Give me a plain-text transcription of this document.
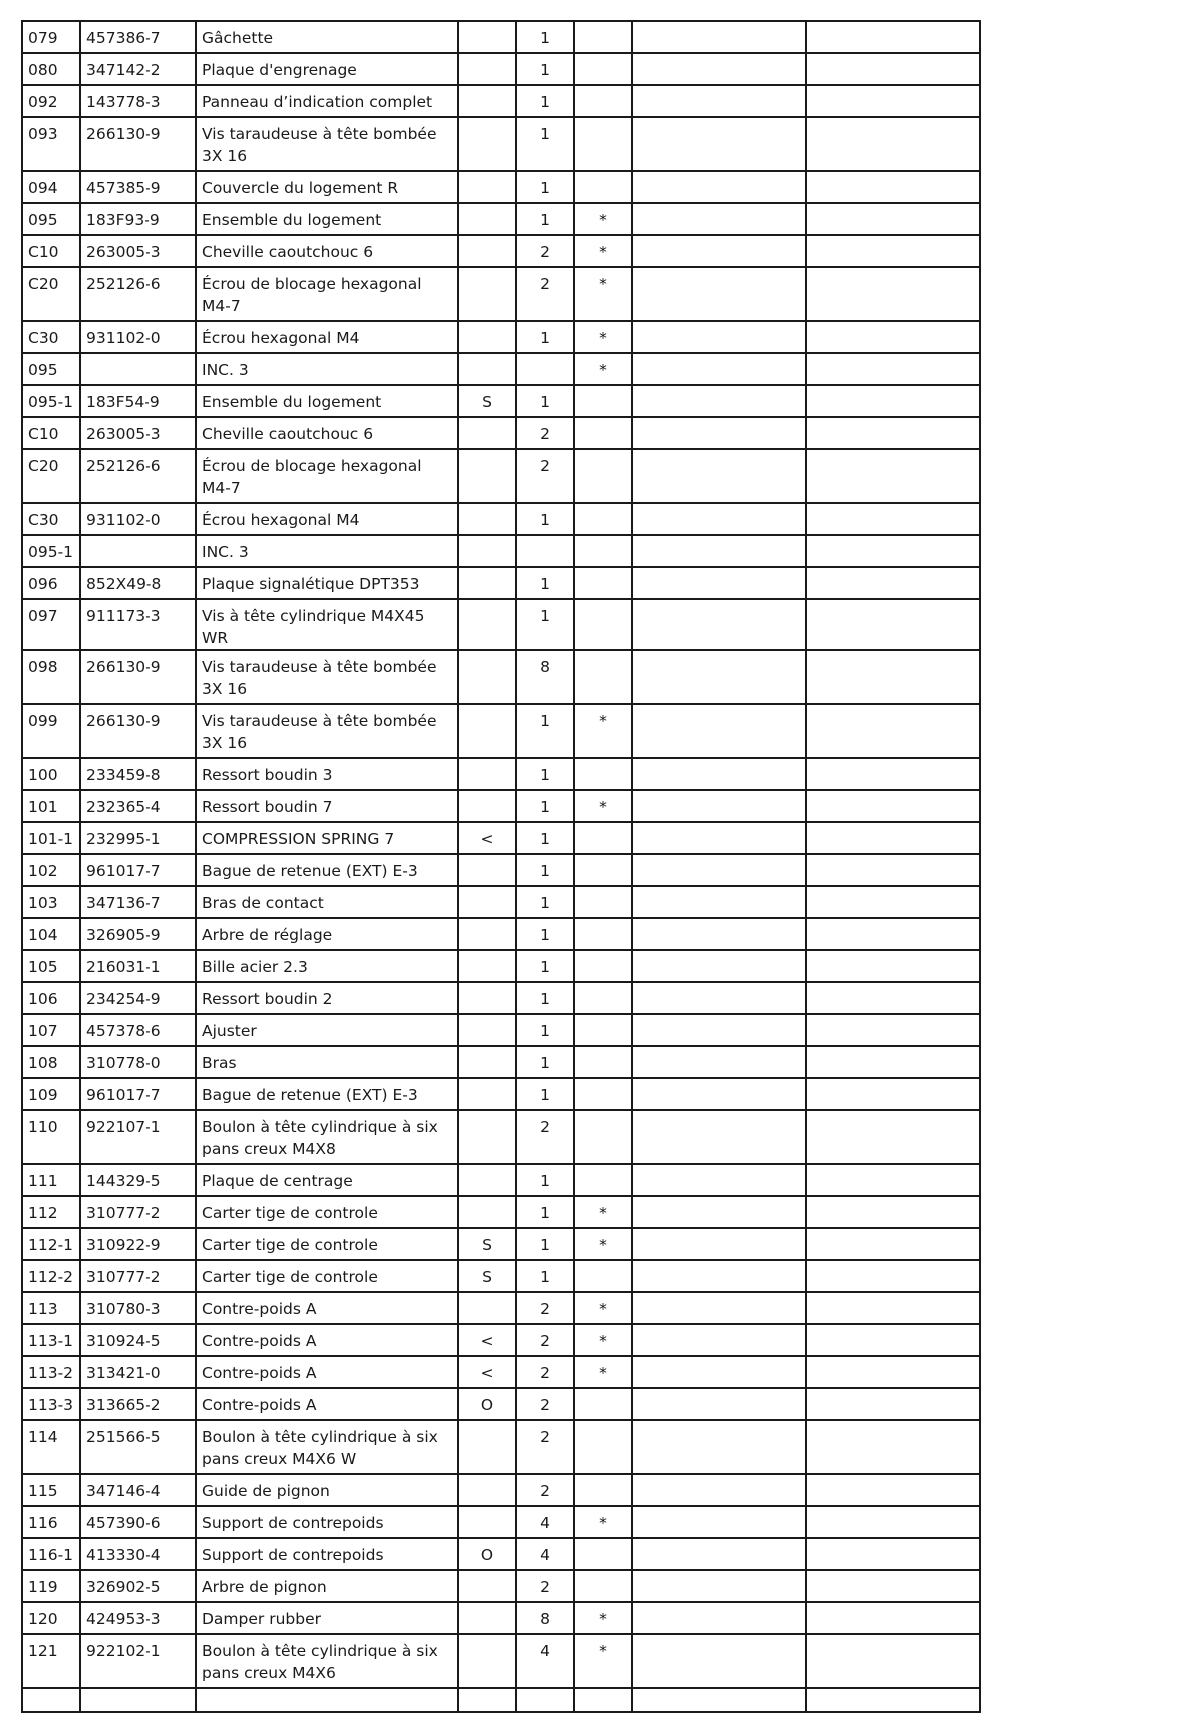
079	457386-7	Gâchette		1			
080	347142-2	Plaque d'engrenage		1			
092	143778-3	Panneau d’indication complet		1			
093	266130-9	Vis taraudeuse à tête bombée 3X 16		1			
094	457385-9	Couvercle du logement R		1			
095	183F93-9	Ensemble du logement		1	*		
C10	263005-3	Cheville caoutchouc 6		2	*		
C20	252126-6	Écrou de blocage hexagonal M4-7		2	*		
C30	931102-0	Écrou hexagonal M4		1	*		
095		INC. 3			*		
095-1	183F54-9	Ensemble du logement	S	1			
C10	263005-3	Cheville caoutchouc 6		2			
C20	252126-6	Écrou de blocage hexagonal M4-7		2			
C30	931102-0	Écrou hexagonal M4		1			
095-1		INC. 3					
096	852X49-8	Plaque signalétique DPT353		1			
097	911173-3	Vis à tête cylindrique M4X45 WR		1			
098	266130-9	Vis taraudeuse à tête bombée 3X 16		8			
099	266130-9	Vis taraudeuse à tête bombée 3X 16		1	*		
100	233459-8	Ressort boudin 3		1			
101	232365-4	Ressort boudin 7		1	*		
101-1	232995-1	COMPRESSION SPRING 7	<	1			
102	961017-7	Bague de retenue (EXT) E-3		1			
103	347136-7	Bras de contact		1			
104	326905-9	Arbre de réglage		1			
105	216031-1	Bille acier 2.3		1			
106	234254-9	Ressort boudin 2		1			
107	457378-6	Ajuster		1			
108	310778-0	Bras		1			
109	961017-7	Bague de retenue (EXT) E-3		1			
110	922107-1	Boulon à tête cylindrique à six pans creux M4X8		2			
111	144329-5	Plaque de centrage		1			
112	310777-2	Carter tige de controle		1	*		
112-1	310922-9	Carter tige de controle	S	1	*		
112-2	310777-2	Carter tige de controle	S	1			
113	310780-3	Contre-poids A		2	*		
113-1	310924-5	Contre-poids A	<	2	*		
113-2	313421-0	Contre-poids A	<	2	*		
113-3	313665-2	Contre-poids A	O	2			
114	251566-5	Boulon à tête cylindrique à six pans creux M4X6 W		2			
115	347146-4	Guide de pignon		2			
116	457390-6	Support de contrepoids		4	*		
116-1	413330-4	Support de contrepoids	O	4			
119	326902-5	Arbre de pignon		2			
120	424953-3	Damper rubber		8	*		
121	922102-1	Boulon à tête cylindrique à six pans creux M4X6		4	*		
